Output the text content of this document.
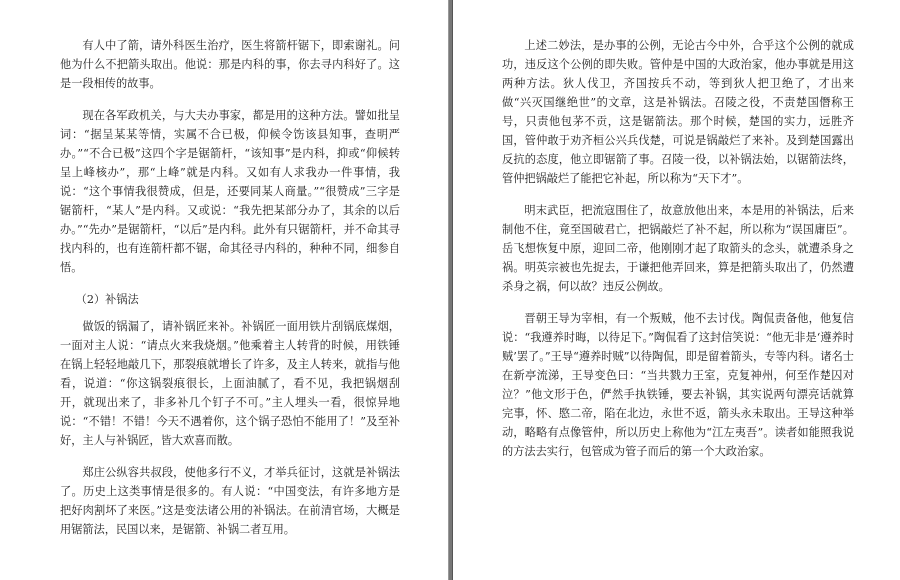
有人中了箭，请外科医生治疗，医生将箭杆锯下，即索谢礼。问他为什么不把箭头取出。他说：那是内科的事，你去寻内科好了。这是一段相传的故事。

现在各军政机关，与大夫办事家，都是用的这种方法。譬如批呈词：“据呈某某等情，实属不合已极，仰候令饬该县知事，查明严办。”“不合已极”这四个字是锯箭杆，“该知事”是内科，抑或“仰候转呈上峰核办”，那“上峰”就是内科。又如有人求我办一件事情，我说：“这个事情我很赞成，但是，还要同某人商量。”“很赞成”三字是锯箭杆，“某人”是内科。又或说：“我先把某部分办了，其余的以后办。”“先办”是锯箭杆，“以后”是内科。此外有只锯箭杆，并不命其寻找内科的，也有连箭杆都不锯，命其径寻内科的，种种不同，细参自悟。

（2）补锅法

做饭的锅漏了，请补锅匠来补。补锅匠一面用铁片刮锅底煤烟，一面对主人说：“请点火来我烧烟。”他乘着主人转背的时候，用铁锤在锅上轻轻地敲几下，那裂痕就增长了许多，及主人转来，就指与他看，说道：“你这锅裂痕很长，上面油腻了，看不见，我把锅烟刮开，就现出来了，非多补几个钉子不可。”主人埋头一看，很惊异地说：“不错！不错！今天不遇着你，这个锅子恐怕不能用了！”及至补好，主人与补锅匠，皆大欢喜而散。

郑庄公纵容共叔段，使他多行不义，才举兵征讨，这就是补锅法了。历史上这类事情是很多的。有人说：“中国变法，有许多地方是把好肉割坏了来医。”这是变法诸公用的补锅法。在前清官场，大概是用锯箭法，民国以来，是锯箭、补锅二者互用。

上述二妙法，是办事的公例，无论古今中外，合乎这个公例的就成功，违反这个公例的即失败。管仲是中国的大政治家，他办事就是用这两种方法。狄人伐卫，齐国按兵不动，等到狄人把卫绝了，才出来做“兴灭国继绝世”的文章，这是补锅法。召陵之役，不责楚国僭称王号，只责他包茅不贡，这是锯箭法。那个时候，楚国的实力，远胜齐国，管仲敢于劝齐桓公兴兵伐楚，可说是锅敲烂了来补。及到楚国露出反抗的态度，他立即锯箭了事。召陵一役，以补锅法始，以锯箭法终，管仲把锅敲烂了能把它补起，所以称为“天下才”。

明末武臣，把流寇围住了，故意放他出来，本是用的补锅法，后来制他不住，竟至国破君亡，把锅敲烂了补不起，所以称为“误国庸臣”。岳飞想恢复中原，迎回二帝，他刚刚才起了取箭头的念头，就遭杀身之祸。明英宗被也先捉去，于谦把他弄回来，算是把箭头取出了，仍然遭杀身之祸，何以故？违反公例故。

晋朝王导为宰相，有一个叛贼，他不去讨伐。陶侃责备他，他复信说：“我遵养时晦，以待足下。”陶侃看了这封信笑说：“他无非是‘遵养时贼’罢了。”王导“遵养时贼”以待陶侃，即是留着箭头，专等内科。诸名士在新亭流涕，王导变色曰：“当共戮力王室，克复神州，何至作楚囚对泣？”他文形于色，俨然手执铁锤，要去补锅，其实说两句漂亮话就算完事，怀、愍二帝，陷在北边，永世不返，箭头永未取出。王导这种举动，略略有点像管仲，所以历史上称他为“江左夷吾”。读者如能照我说的方法去实行，包管成为管子而后的第一个大政治家。
